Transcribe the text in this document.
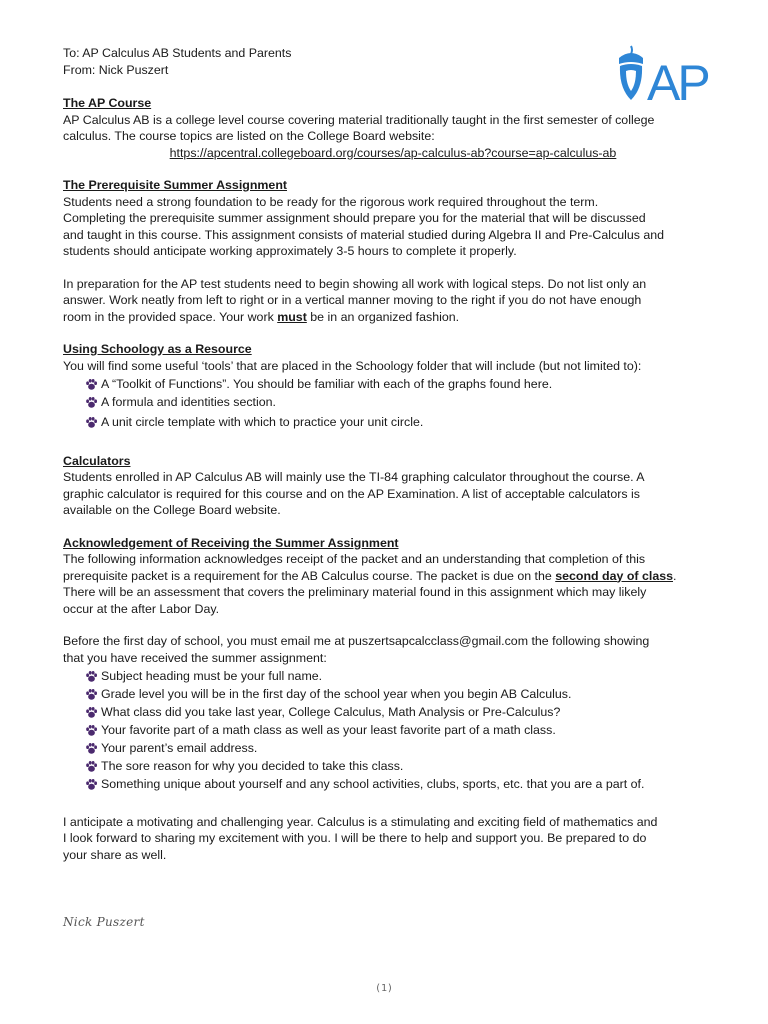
AP
To: AP Calculus AB Students and Parents
From: Nick Puszert
The AP Course
AP Calculus AB is a college level course covering material traditionally taught in the first semester of college
calculus. The course topics are listed on the College Board website:
https://apcentral.collegeboard.org/courses/ap-calculus-ab?course=ap-calculus-ab
The Prerequisite Summer Assignment
Students need a strong foundation to be ready for the rigorous work required throughout the term.
Completing the prerequisite summer assignment should prepare you for the material that will be discussed
and taught in this course. This assignment consists of material studied during Algebra II and Pre-Calculus and
students should anticipate working approximately 3-5 hours to complete it properly.
In preparation for the AP test students need to begin showing all work with logical steps. Do not list only an
answer. Work neatly from left to right or in a vertical manner moving to the right if you do not have enough
room in the provided space. Your work must be in an organized fashion.
Using Schoology as a Resource
You will find some useful ‘tools’ that are placed in the Schoology folder that will include (but not limited to):
A “Toolkit of Functions”. You should be familiar with each of the graphs found here.
A formula and identities section.
A unit circle template with which to practice your unit circle.
Calculators
Students enrolled in AP Calculus AB will mainly use the TI-84 graphing calculator throughout the course. A
graphic calculator is required for this course and on the AP Examination. A list of acceptable calculators is
available on the College Board website.
Acknowledgement of Receiving the Summer Assignment
The following information acknowledges receipt of the packet and an understanding that completion of this
prerequisite packet is a requirement for the AB Calculus course. The packet is due on the second day of class.
There will be an assessment that covers the preliminary material found in this assignment which may likely
occur at the after Labor Day.
Before the first day of school, you must email me at puszertsapcalcclass@gmail.com the following showing
that you have received the summer assignment:
Subject heading must be your full name.
Grade level you will be in the first day of the school year when you begin AB Calculus.
What class did you take last year, College Calculus, Math Analysis or Pre-Calculus?
Your favorite part of a math class as well as your least favorite part of a math class.
Your parent’s email address.
The sore reason for why you decided to take this class.
Something unique about yourself and any school activities, clubs, sports, etc. that you are a part of.
I anticipate a motivating and challenging year. Calculus is a stimulating and exciting field of mathematics and
I look forward to sharing my excitement with you. I will be there to help and support you. Be prepared to do
your share as well.
Nick Puszert
(1)
